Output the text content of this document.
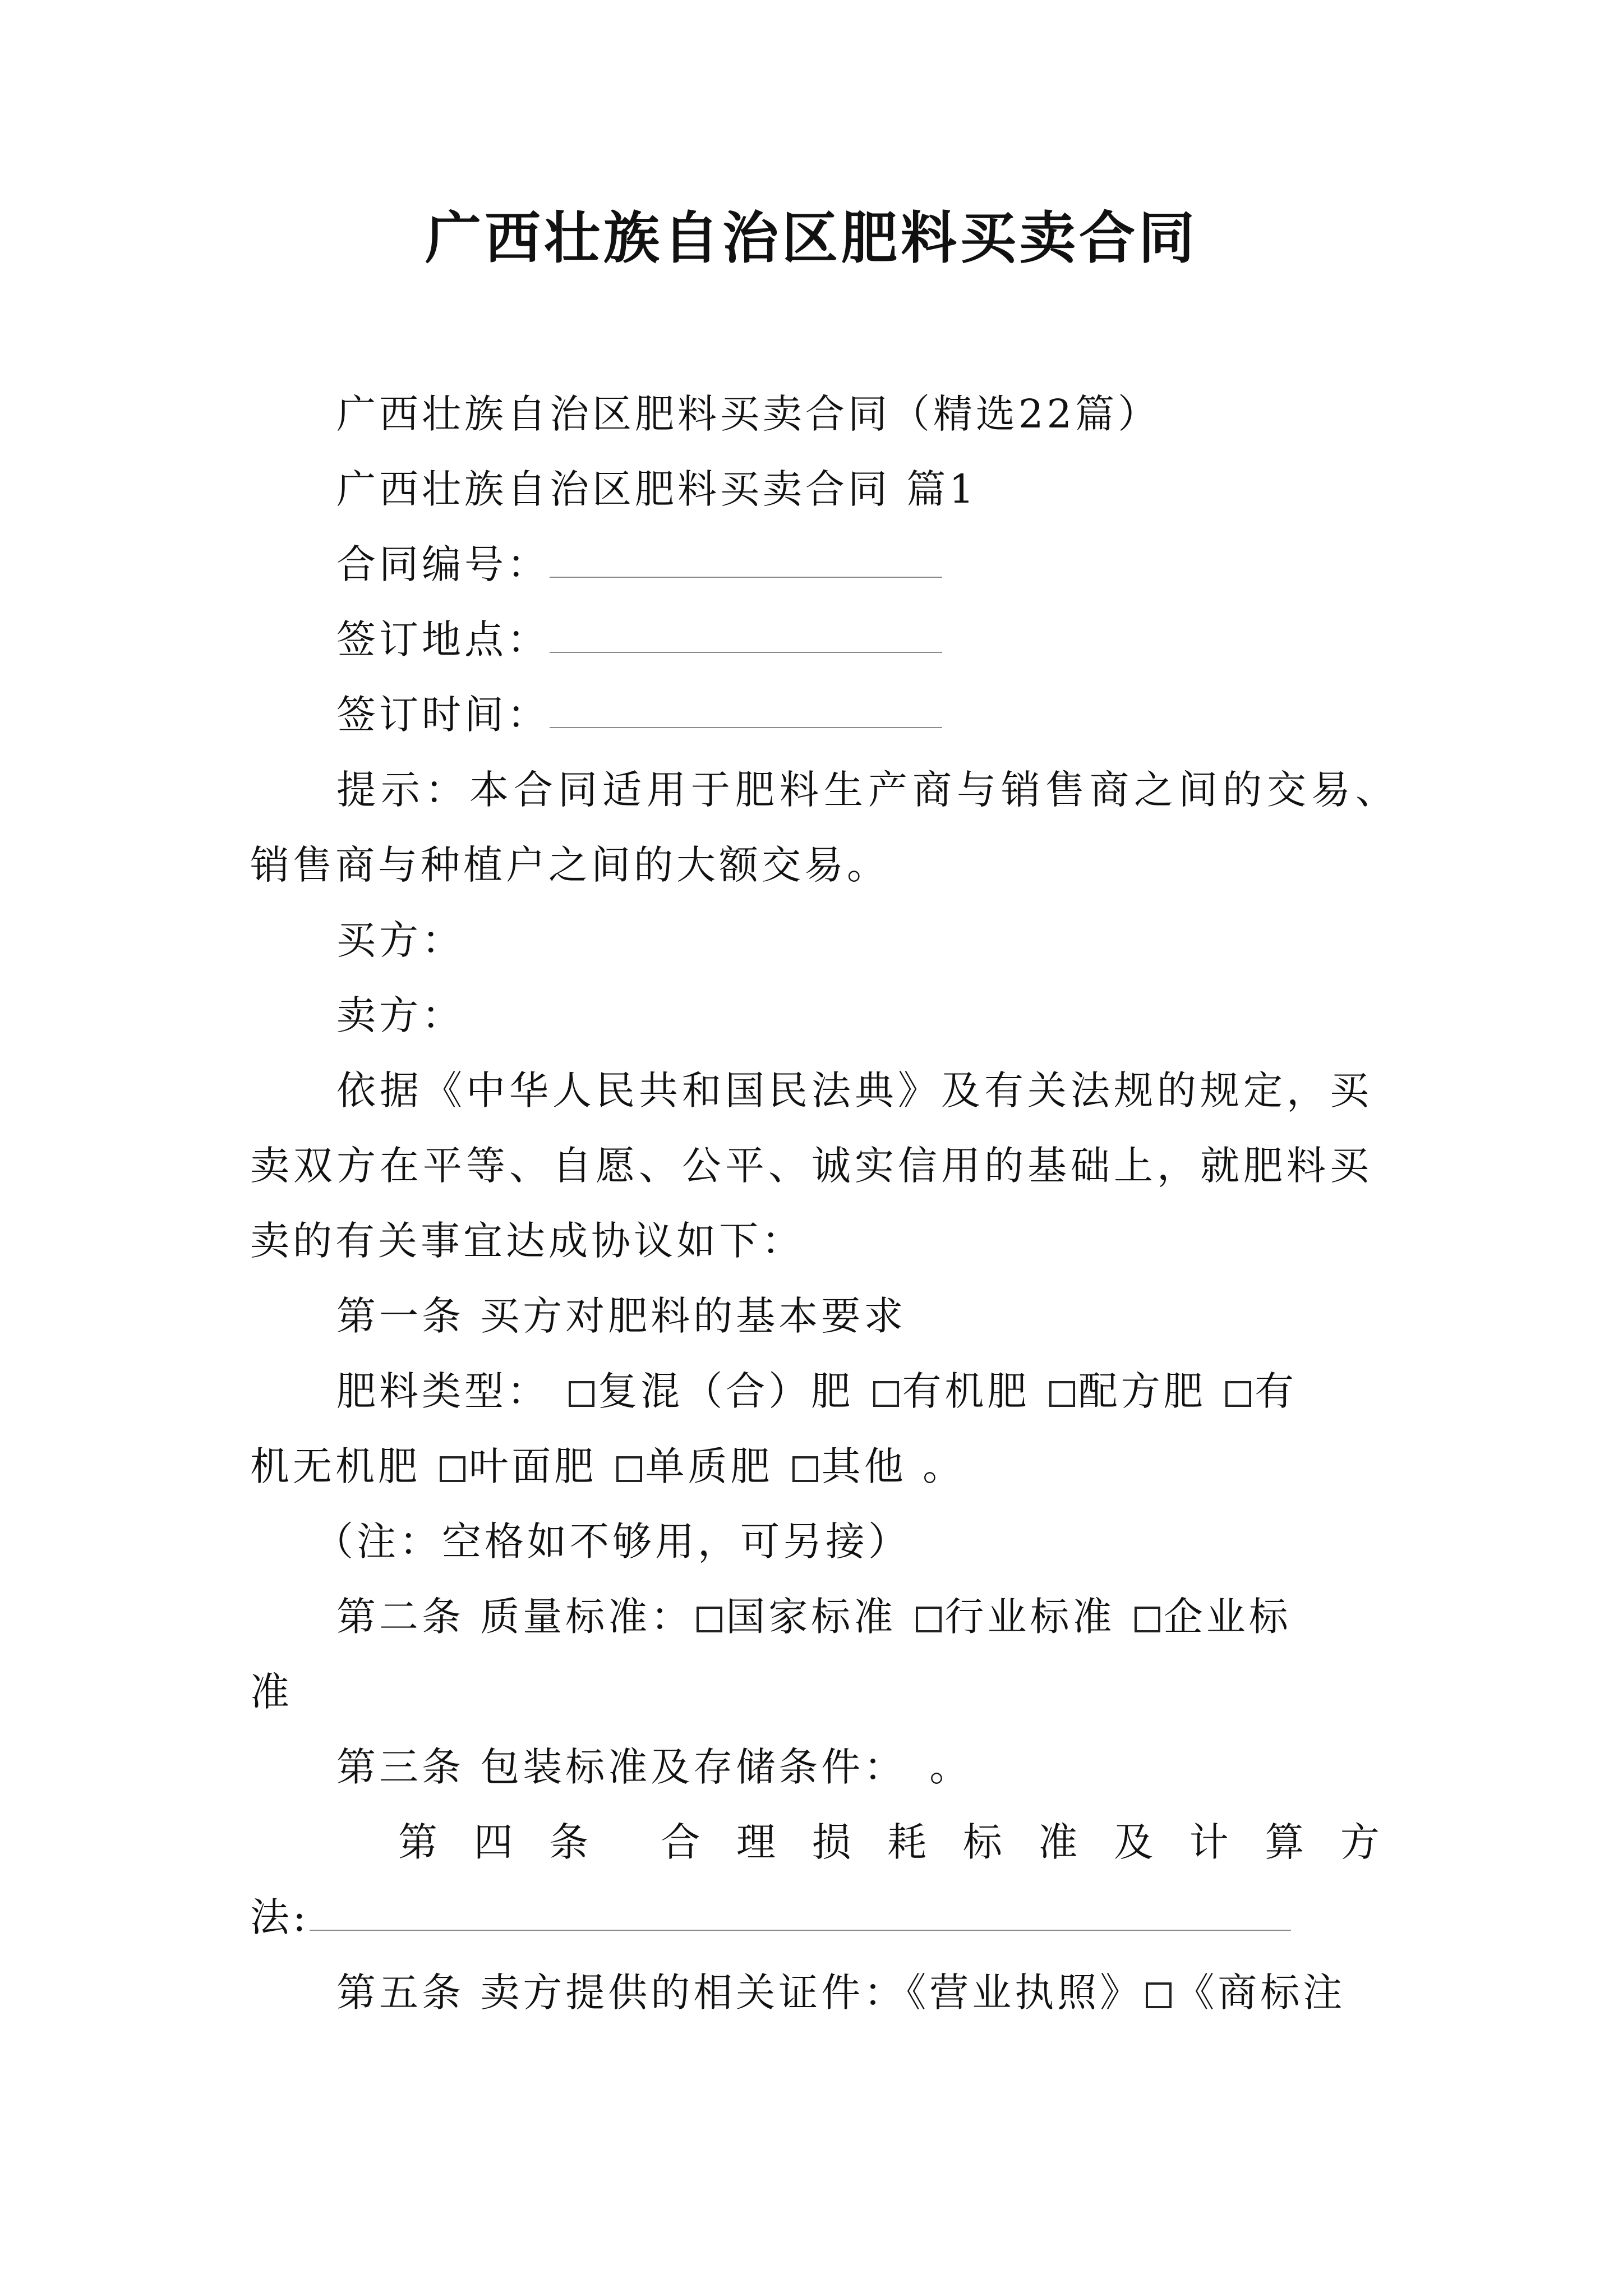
广西壮族自治区肥料买卖合同
广西壮族自治区肥料买卖合同（精选22篇）
广西壮族自治区肥料买卖合同 篇1
合同编号：
签订地点：
签订时间：
提示：本合同适用于肥料生产商与销售商之间的交易、
销售商与种植户之间的大额交易。
买方：
卖方：
依据《中华人民共和国民法典》及有关法规的规定，买
卖双方在平等、自愿、公平、诚实信用的基础上，就肥料买
卖的有关事宜达成协议如下：
第一条 买方对肥料的基本要求
肥料类型： 复混（合）肥 有机肥 配方肥 有
机无机肥 叶面肥 单质肥 其他 。
（注：空格如不够用，可另接）
第二条 质量标准： 国家标准 行业标准 企业标
准
第三条 包装标准及存储条件：　。
第 四 条 合 理 损 耗 标 准 及 计 算 方
法:
第五条 卖方提供的相关证件：《营业执照》 《商标注
